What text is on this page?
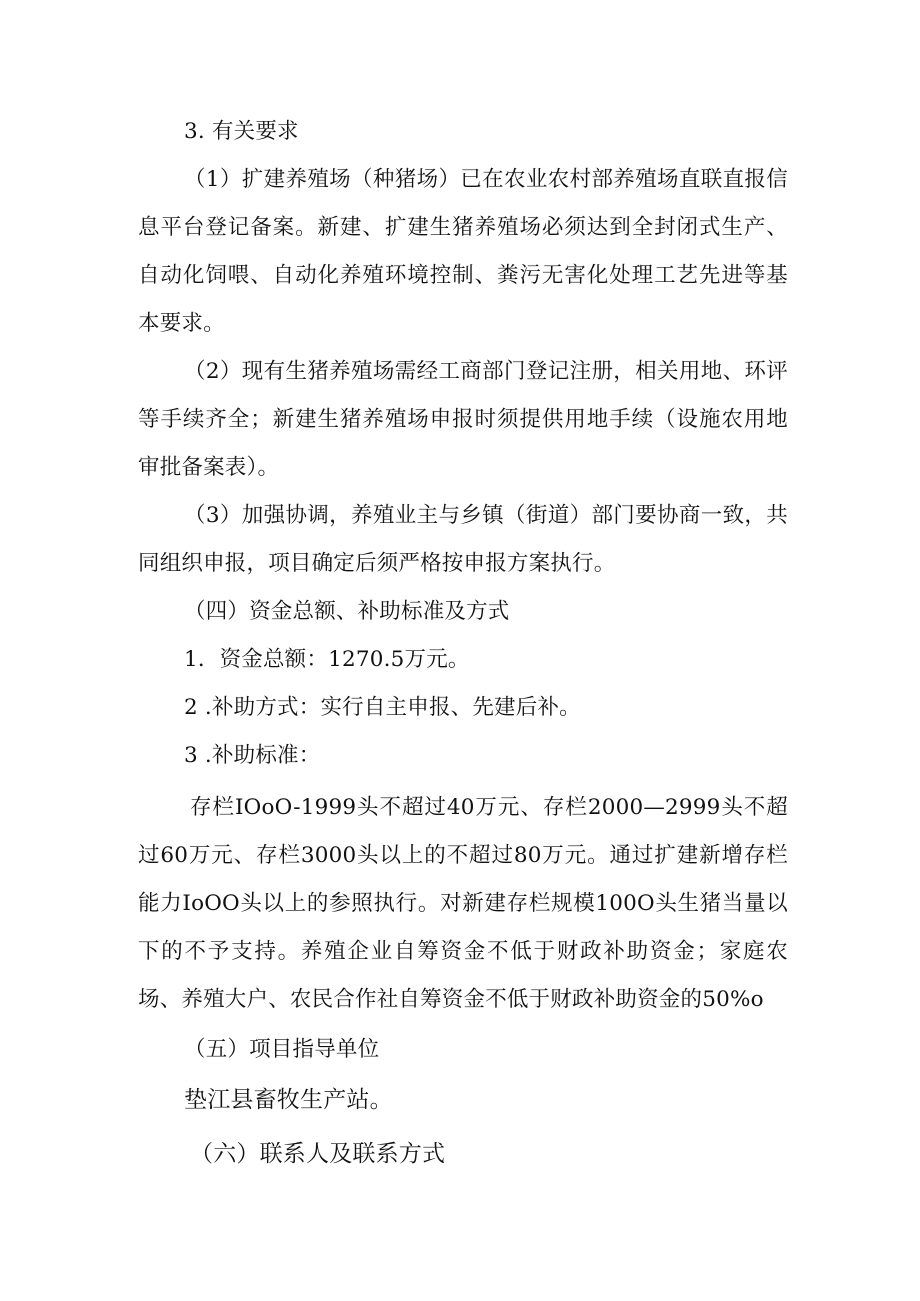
3. 有关要求

（1）扩建养殖场（种猪场）已在农业农村部养殖场直联直报信息平台登记备案。新建、扩建生猪养殖场必须达到全封闭式生产、自动化饲喂、自动化养殖环境控制、粪污无害化处理工艺先进等基本要求。

（2）现有生猪养殖场需经工商部门登记注册，相关用地、环评等手续齐全；新建生猪养殖场申报时须提供用地手续（设施农用地审批备案表）。

（3）加强协调，养殖业主与乡镇（街道）部门要协商一致，共同组织申报，项目确定后须严格按申报方案执行。

（四）资金总额、补助标准及方式

1．资金总额：1270.5万元。

2 .补助方式：实行自主申报、先建后补。

3 .补助标准：

存栏IOoO-1999头不超过40万元、存栏2000—2999头不超过60万元、存栏3000头以上的不超过80万元。通过扩建新增存栏能力IoOO头以上的参照执行。对新建存栏规模100O头生猪当量以下的不予支持。养殖企业自筹资金不低于财政补助资金；家庭农场、养殖大户、农民合作社自筹资金不低于财政补助资金的50%o

（五）项目指导单位

垫江县畜牧生产站。

（六）联系人及联系方式
